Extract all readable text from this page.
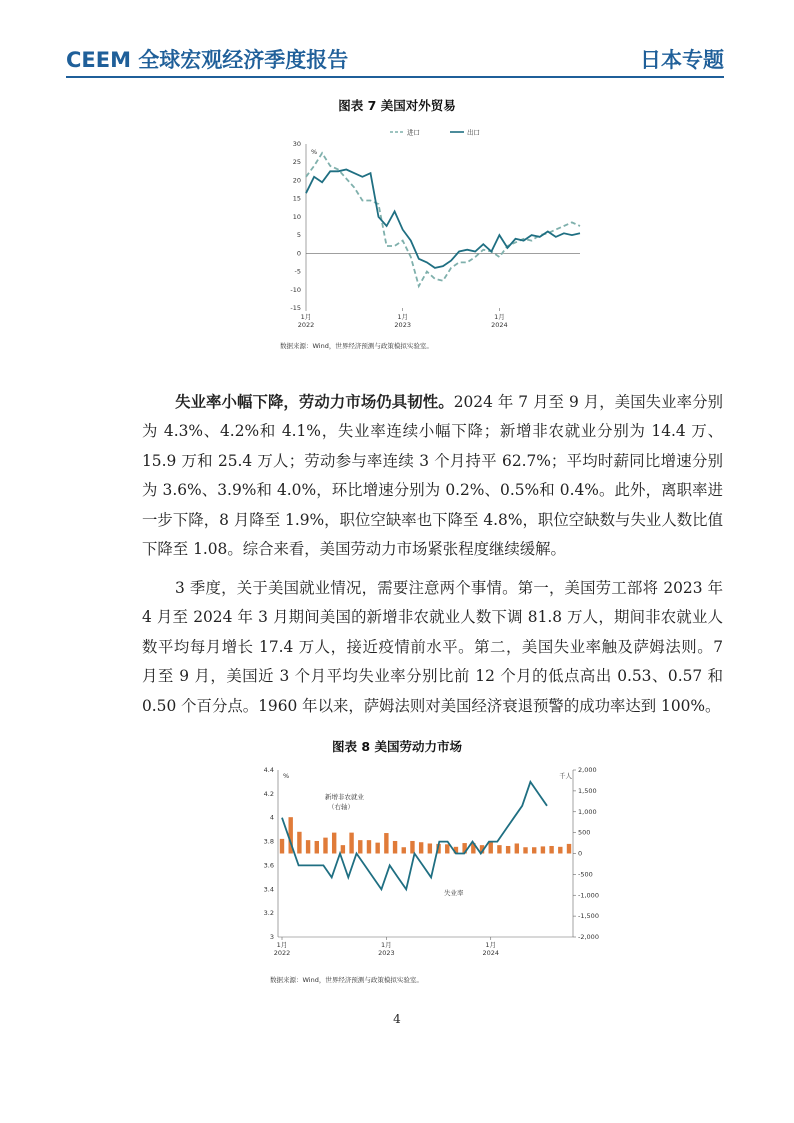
CEEM 全球宏观经济季度报告	日本专题
图表 7 美国对外贸易
30
25
20
15
10
5
0
-5
-10
-15
%
1月
2022
1月
2023
1月
2024
进口	出口
数据来源：Wind，世界经济预测与政策模拟实验室。
失业率小幅下降，劳动力市场仍具韧性。2024 年 7 月至 9 月，美国失业率分别为 4.3%、4.2%和 4.1%，失业率连续小幅下降；新增非农就业分别为 14.4 万、15.9 万和 25.4 万人；劳动参与率连续 3 个月持平 62.7%；平均时薪同比增速分别为 3.6%、3.9%和 4.0%，环比增速分别为 0.2%、0.5%和 0.4%。此外，离职率进一步下降，8 月降至 1.9%，职位空缺率也下降至 4.8%，职位空缺数与失业人数比值下降至 1.08。综合来看，美国劳动力市场紧张程度继续缓解。
3 季度，关于美国就业情况，需要注意两个事情。第一，美国劳工部将 2023 年 4 月至 2024 年 3 月期间美国的新增非农就业人数下调 81.8 万人，期间非农就业人数平均每月增长 17.4 万人，接近疫情前水平。第二，美国失业率触及萨姆法则。7 月至 9 月，美国近 3 个月平均失业率分别比前 12 个月的低点高出 0.53、0.57 和 0.50 个百分点。1960 年以来，萨姆法则对美国经济衰退预警的成功率达到 100%。
图表 8 美国劳动力市场
4.4
4.2
4
3.8
3.6
3.4
3.2
3
2,000
1,500
1,000
500
0
-500
-1,000
-1,500
-2,000
%	千人
新增非农就业
（右轴）
失业率
1月
2022
1月
2023
1月
2024
数据来源：Wind，世界经济预测与政策模拟实验室。
4
